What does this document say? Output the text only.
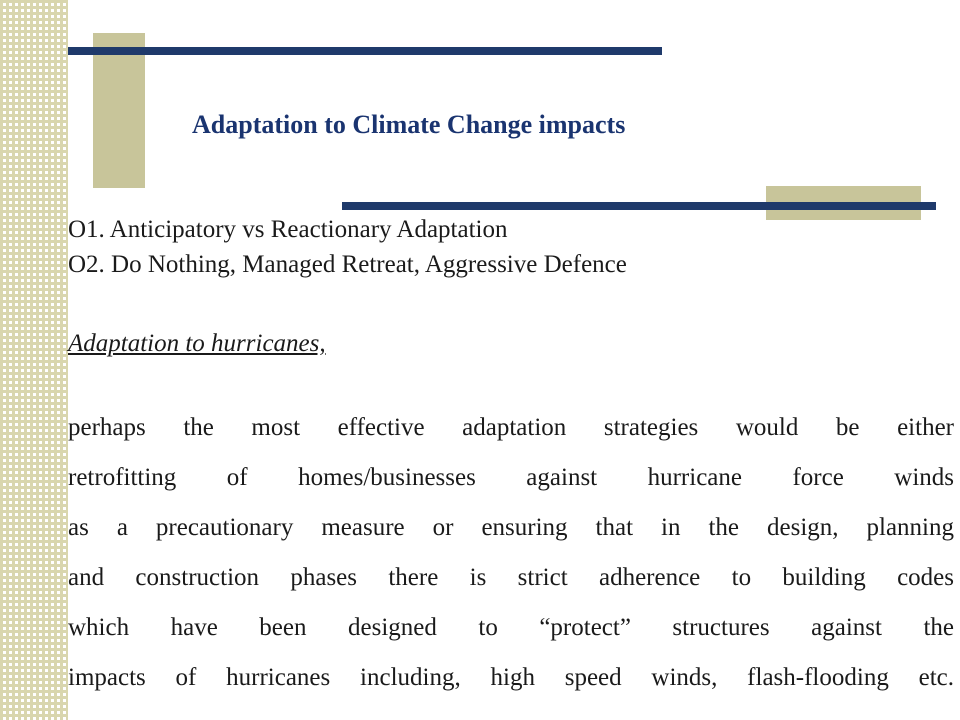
Adaptation to Climate Change impacts
O1. Anticipatory vs Reactionary Adaptation
O2. Do Nothing, Managed Retreat, Aggressive Defence
Adaptation to hurricanes,
perhaps the most effective adaptation strategies would be either
retrofitting of homes/businesses against hurricane force winds
as a precautionary measure or ensuring that in the design, planning
and construction phases there is strict adherence to building codes
which have been designed to “protect” structures against the
impacts of hurricanes including, high speed winds, flash-flooding etc.
